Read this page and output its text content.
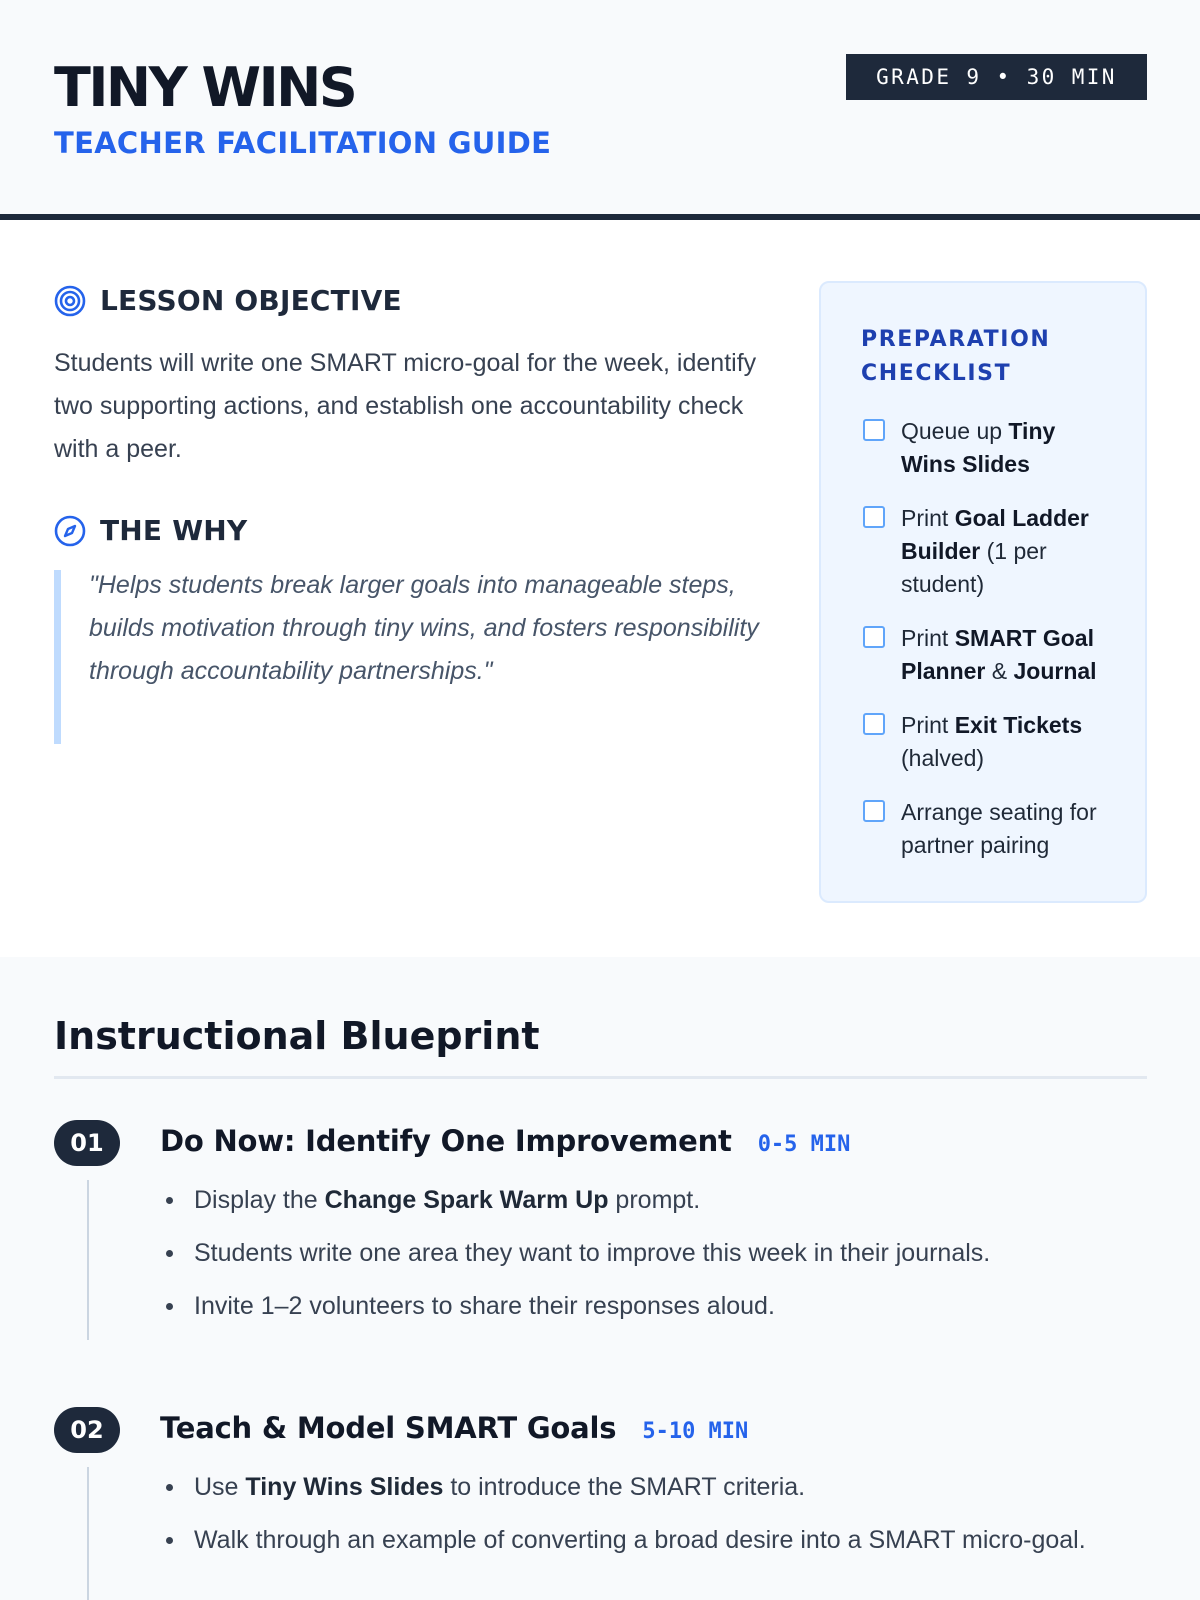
TINY WINS
TEACHER FACILITATION GUIDE
GRADE 9 • 30 MIN
LESSON OBJECTIVE
Students will write one SMART micro-goal for the week, identify two supporting actions, and establish one accountability check with a peer.
THE WHY

"Helps students break larger goals into manageable steps, builds motivation through tiny wins, and fosters responsibility through accountability partnerships."

PREPARATION CHECKLIST
Queue up Tiny Wins Slides
Print Goal Ladder Builder (1 per student)
Print SMART Goal Planner & Journal
Print Exit Tickets (halved)
Arrange seating for partner pairing
Instructional Blueprint
01	Do Now: Identify One Improvement 0-5 MIN
Display the Change Spark Warm Up prompt.
Students write one area they want to improve this week in their journals.
Invite 1–2 volunteers to share their responses aloud.
02	Teach & Model SMART Goals 5-10 MIN
Use Tiny Wins Slides to introduce the SMART criteria.
Walk through an example of converting a broad desire into a SMART micro-goal.
